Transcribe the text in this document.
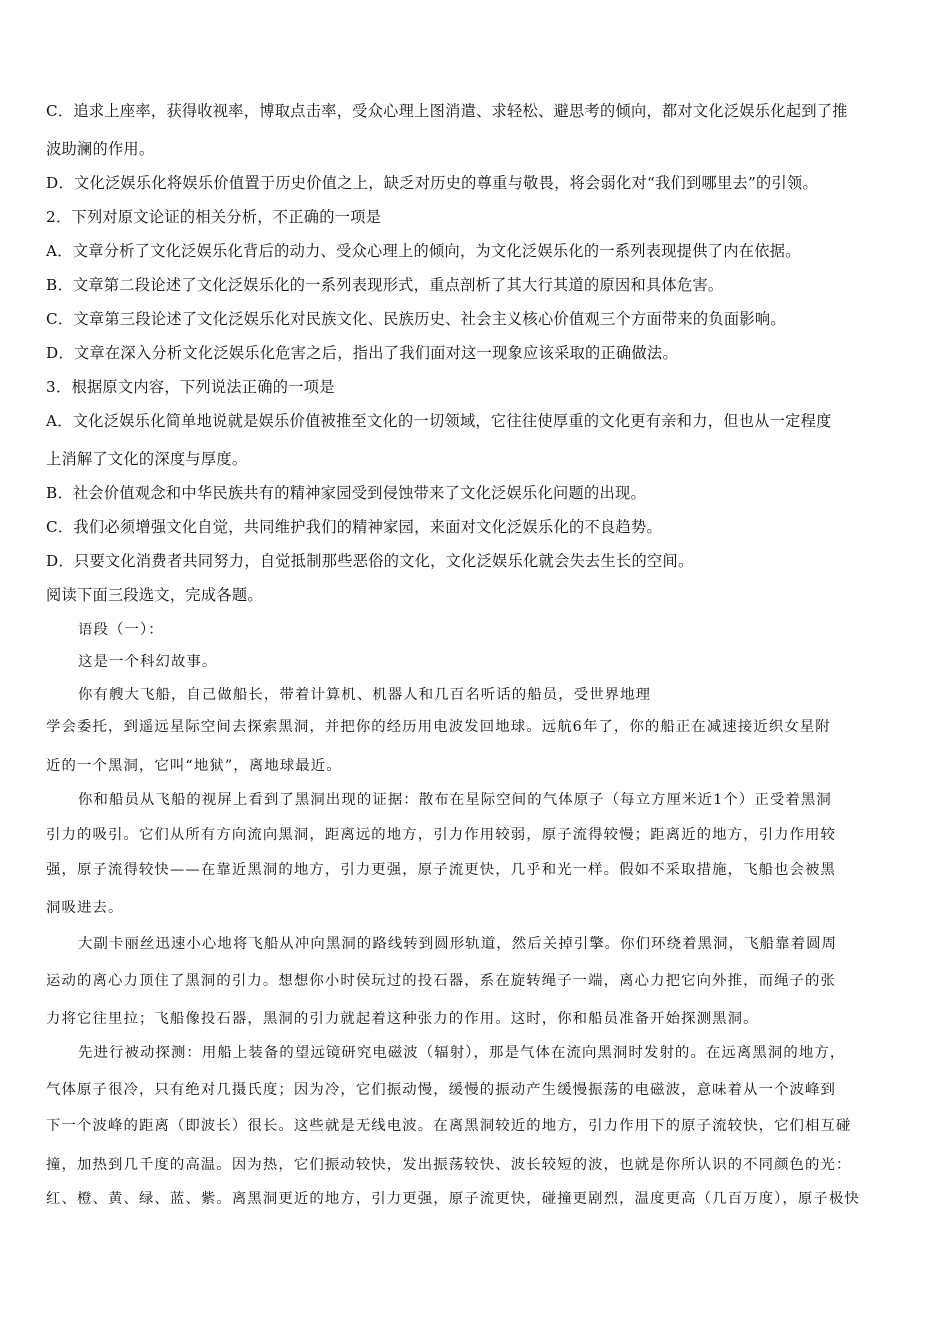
C．追求上座率，获得收视率，博取点击率，受众心理上图消遣、求轻松、避思考的倾向，都对文化泛娱乐化起到了推
波助澜的作用。
D．文化泛娱乐化将娱乐价值置于历史价值之上，缺乏对历史的尊重与敬畏，将会弱化对“我们到哪里去”的引领。
2．下列对原文论证的相关分析，不正确的一项是
A．文章分析了文化泛娱乐化背后的动力、受众心理上的倾向，为文化泛娱乐化的一系列表现提供了内在依据。
B．文章第二段论述了文化泛娱乐化的一系列表现形式，重点剖析了其大行其道的原因和具体危害。
C．文章第三段论述了文化泛娱乐化对民族文化、民族历史、社会主义核心价值观三个方面带来的负面影响。
D．文章在深入分析文化泛娱乐化危害之后，指出了我们面对这一现象应该采取的正确做法。
3．根据原文内容，下列说法正确的一项是
A．文化泛娱乐化简单地说就是娱乐价值被推至文化的一切领域，它往往使厚重的文化更有亲和力，但也从一定程度
上消解了文化的深度与厚度。
B．社会价值观念和中华民族共有的精神家园受到侵蚀带来了文化泛娱乐化问题的出现。
C．我们必须增强文化自觉，共同维护我们的精神家园，来面对文化泛娱乐化的不良趋势。
D．只要文化消费者共同努力，自觉抵制那些恶俗的文化，文化泛娱乐化就会失去生长的空间。
阅读下面三段选文，完成各题。
语段（一）：
这是一个科幻故事。
你有艘大飞船，自己做船长，带着计算机、机器人和几百名听话的船员，受世界地理
学会委托，到遥远星际空间去探索黑洞，并把你的经历用电波发回地球。远航6年了，你的船正在减速接近织女星附
近的一个黑洞，它叫“地狱”，离地球最近。
你和船员从飞船的视屏上看到了黑洞出现的证据：散布在星际空间的气体原子（每立方厘米近1个）正受着黑洞
引力的吸引。它们从所有方向流向黑洞，距离远的地方，引力作用较弱，原子流得较慢；距离近的地方，引力作用较
强，原子流得较快——在靠近黑洞的地方，引力更强，原子流更快，几乎和光一样。假如不采取措施，飞船也会被黑
洞吸进去。
大副卡丽丝迅速小心地将飞船从冲向黑洞的路线转到圆形轨道，然后关掉引擎。你们环绕着黑洞，飞船靠着圆周
运动的离心力顶住了黑洞的引力。想想你小时侯玩过的投石器，系在旋转绳子一端，离心力把它向外推，而绳子的张
力将它往里拉；飞船像投石器，黑洞的引力就起着这种张力的作用。这时，你和船员准备开始探测黑洞。
先进行被动探测：用船上装备的望远镜研究电磁波（辐射），那是气体在流向黑洞时发射的。在远离黑洞的地方，
气体原子很冷，只有绝对几摄氏度；因为冷，它们振动慢，缓慢的振动产生缓慢振荡的电磁波，意味着从一个波峰到
下一个波峰的距离（即波长）很长。这些就是无线电波。在离黑洞较近的地方，引力作用下的原子流较快，它们相互碰
撞，加热到几千度的高温。因为热，它们振动较快，发出振荡较快、波长较短的波，也就是你所认识的不同颜色的光：
红、橙、黄、绿、蓝、紫。离黑洞更近的地方，引力更强，原子流更快，碰撞更剧烈，温度更高（几百万度），原子极快
